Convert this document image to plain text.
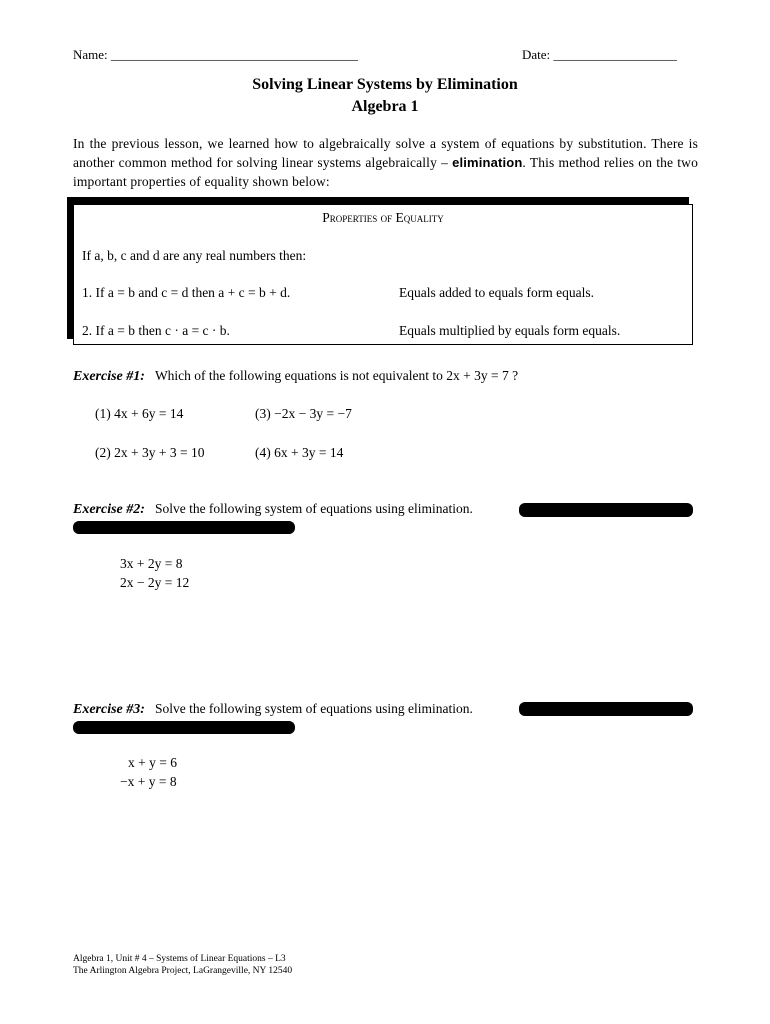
Name: ______________________________________	Date: ___________________
Solving Linear Systems by Elimination
Algebra 1
In the previous lesson, we learned how to algebraically solve a system of equations by substitution. There is another common method for solving linear systems algebraically – elimination. This method relies on the two important properties of equality shown below:
Properties of Equality
If a, b, c and d are any real numbers then:
1. If a = b and c = d then a + c = b + d.	Equals added to equals form equals.
2. If a = b then c · a = c · b.	Equals multiplied by equals form equals.
Exercise #1: Which of the following equations is not equivalent to 2x + 3y = 7 ?
(1) 4x + 6y = 14	(3) −2x − 3y = −7
(2) 2x + 3y + 3 = 10	(4) 6x + 3y = 14
Exercise #2: Solve the following system of equations using elimination.
3x + 2y = 8
2x − 2y = 12
Exercise #3: Solve the following system of equations using elimination.
x + y = 6
−x + y = 8
Algebra 1, Unit # 4 – Systems of Linear Equations – L3
The Arlington Algebra Project, LaGrangeville, NY 12540
